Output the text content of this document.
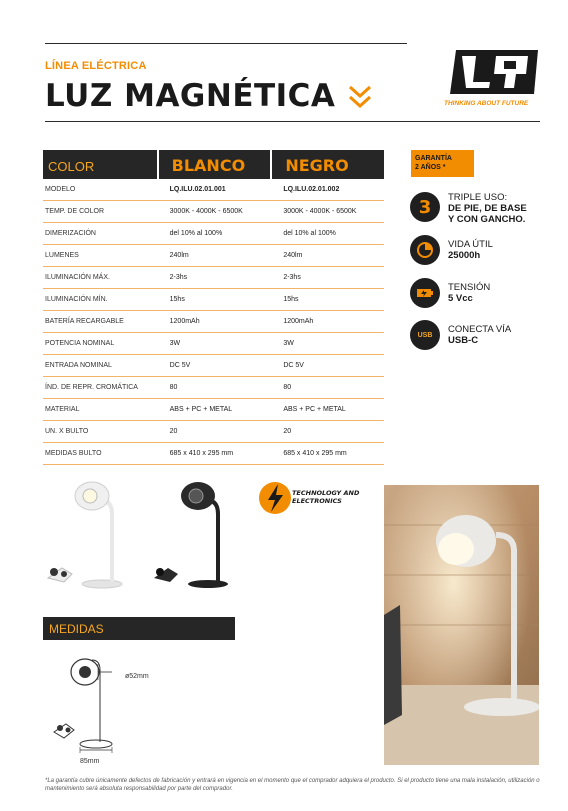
LÍNEA ELÉCTRICA
LUZ MAGNÉTICA	THINKING ABOUT FUTURE
COLOR	BLANCO	NEGRO
MODELO	LQ.ILU.02.01.001	LQ.ILU.02.01.002
TEMP. DE COLOR	3000K - 4000K - 6500K	3000K - 4000K - 6500K
DIMERIZACIÓN	del 10% al 100%	del 10% al 100%
LUMENES	240lm	240lm
ILUMINACIÓN MÁX.	2-3hs	2-3hs
ILUMINACIÓN MÍN.	15hs	15hs
BATERÍA RECARGABLE	1200mAh	1200mAh
POTENCIA NOMINAL	3W	3W
ENTRADA NOMINAL	DC 5V	DC 5V
ÍND. DE REPR. CROMÁTICA	80	80
MATERIAL	ABS + PC + METAL	ABS + PC + METAL
UN. X BULTO	20	20
MEDIDAS BULTO	685 x 410 x 295 mm	685 x 410 x 295 mm
GARANTÍA
2 AÑOS *
3 TRIPLE USO:
DE PIE, DE BASE
Y CON GANCHO.
VIDA ÚTIL
25000h
TENSIÓN
5 Vcc
USB CONECTA VÍA
USB-C
TECHNOLOGY AND
ELECTRONICS
MEDIDAS
ø52mm
85mm
*La garantía cubre únicamente defectos de fabricación y entrará en vigencia en el momento que el comprador adquiera el producto. Si el producto tiene una mala instalación, utilización o mantenimiento será absoluta responsabilidad por parte del comprador.
